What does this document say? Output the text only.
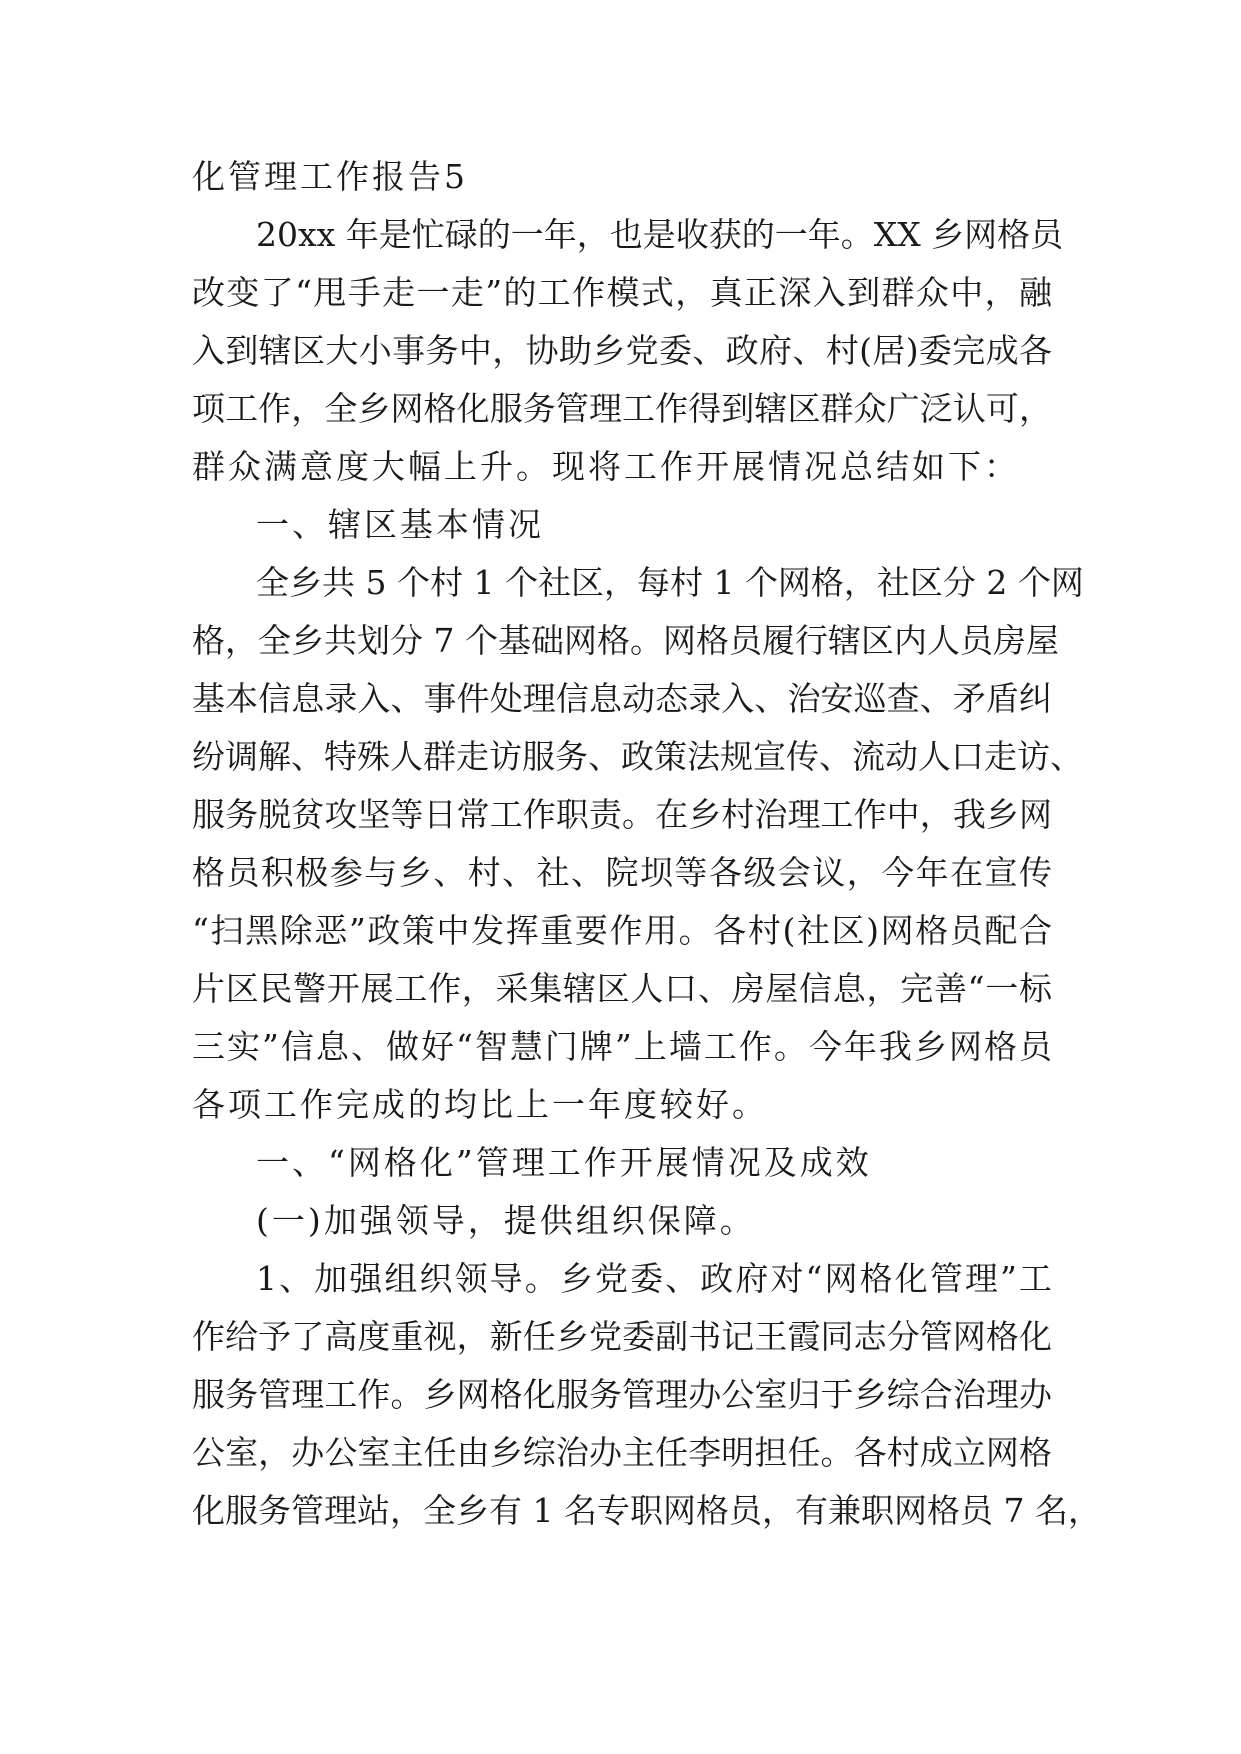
化管理工作报告5
20xx 年是忙碌的一年，也是收获的一年。XX 乡网格员
改变了“甩手走一走”的工作模式，真正深入到群众中，融
入到辖区大小事务中，协助乡党委、政府、村(居)委完成各
项工作，全乡网格化服务管理工作得到辖区群众广泛认可，
群众满意度大幅上升。现将工作开展情况总结如下：
一、辖区基本情况
全乡共 5 个村 1 个社区，每村 1 个网格，社区分 2 个网
格，全乡共划分 7 个基础网格。网格员履行辖区内人员房屋
基本信息录入、事件处理信息动态录入、治安巡查、矛盾纠
纷调解、特殊人群走访服务、政策法规宣传、流动人口走访、
服务脱贫攻坚等日常工作职责。在乡村治理工作中，我乡网
格员积极参与乡、村、社、院坝等各级会议，今年在宣传
“扫黑除恶”政策中发挥重要作用。各村(社区)网格员配合
片区民警开展工作，采集辖区人口、房屋信息，完善“一标
三实”信息、做好“智慧门牌”上墙工作。今年我乡网格员
各项工作完成的均比上一年度较好。
一、“网格化”管理工作开展情况及成效
(一)加强领导，提供组织保障。
1、加强组织领导。乡党委、政府对“网格化管理”工
作给予了高度重视，新任乡党委副书记王霞同志分管网格化
服务管理工作。乡网格化服务管理办公室归于乡综合治理办
公室，办公室主任由乡综治办主任李明担任。各村成立网格
化服务管理站，全乡有 1 名专职网格员，有兼职网格员 7 名，
